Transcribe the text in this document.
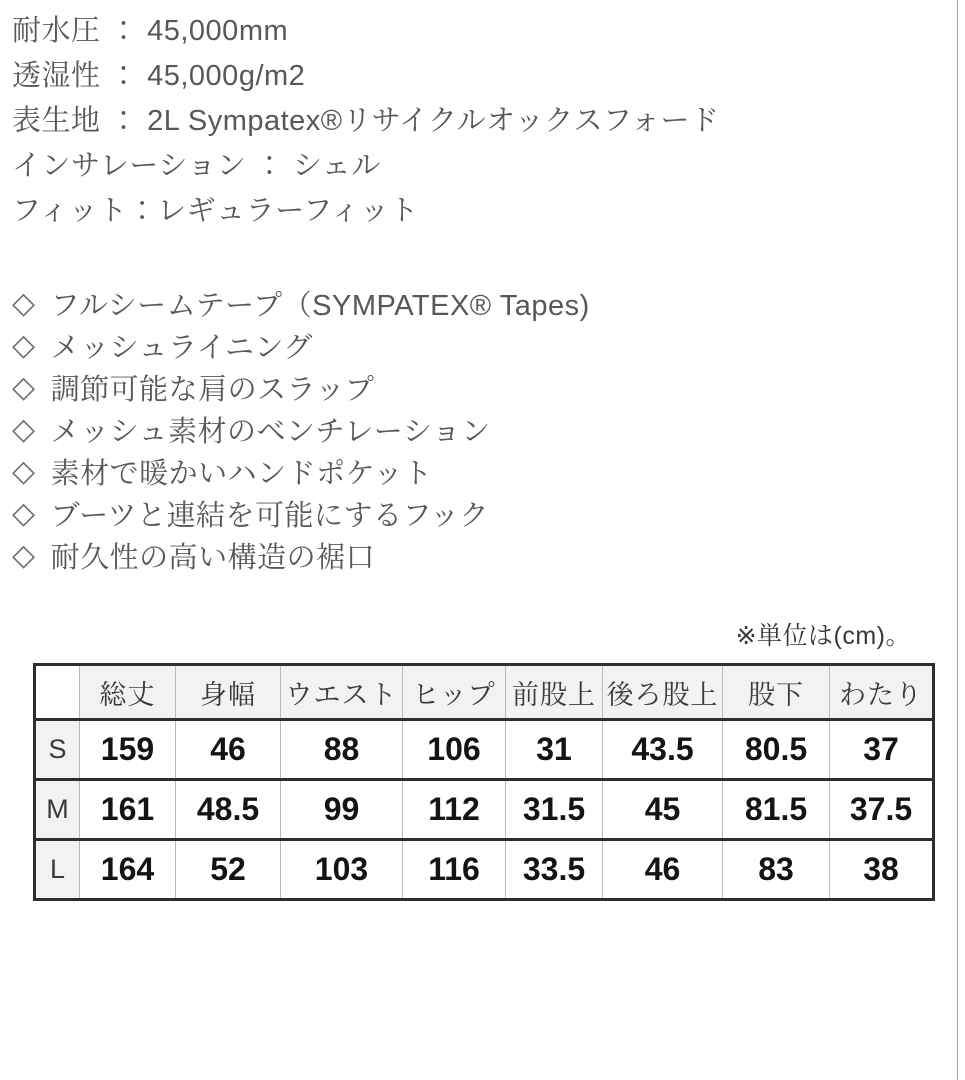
耐水圧 ： 45,000mm
透湿性 ： 45,000g/m2
表生地 ： 2L Sympatex®リサイクルオックスフォード
インサレーション ： シェル
フィット：レギュラーフィット
◇ フルシームテープ（SYMPATEX® Tapes)
◇ メッシュライニング
◇ 調節可能な肩のスラップ
◇ メッシュ素材のベンチレーション
◇ 素材で暖かいハンドポケット
◇ ブーツと連結を可能にするフック
◇ 耐久性の高い構造の裾口
※単位は(cm)。
	総丈	身幅	ウエスト	ヒップ	前股上	後ろ股上	股下	わたり
S	159	46	88	106	31	43.5	80.5	37
M	161	48.5	99	112	31.5	45	81.5	37.5
L	164	52	103	116	33.5	46	83	38
